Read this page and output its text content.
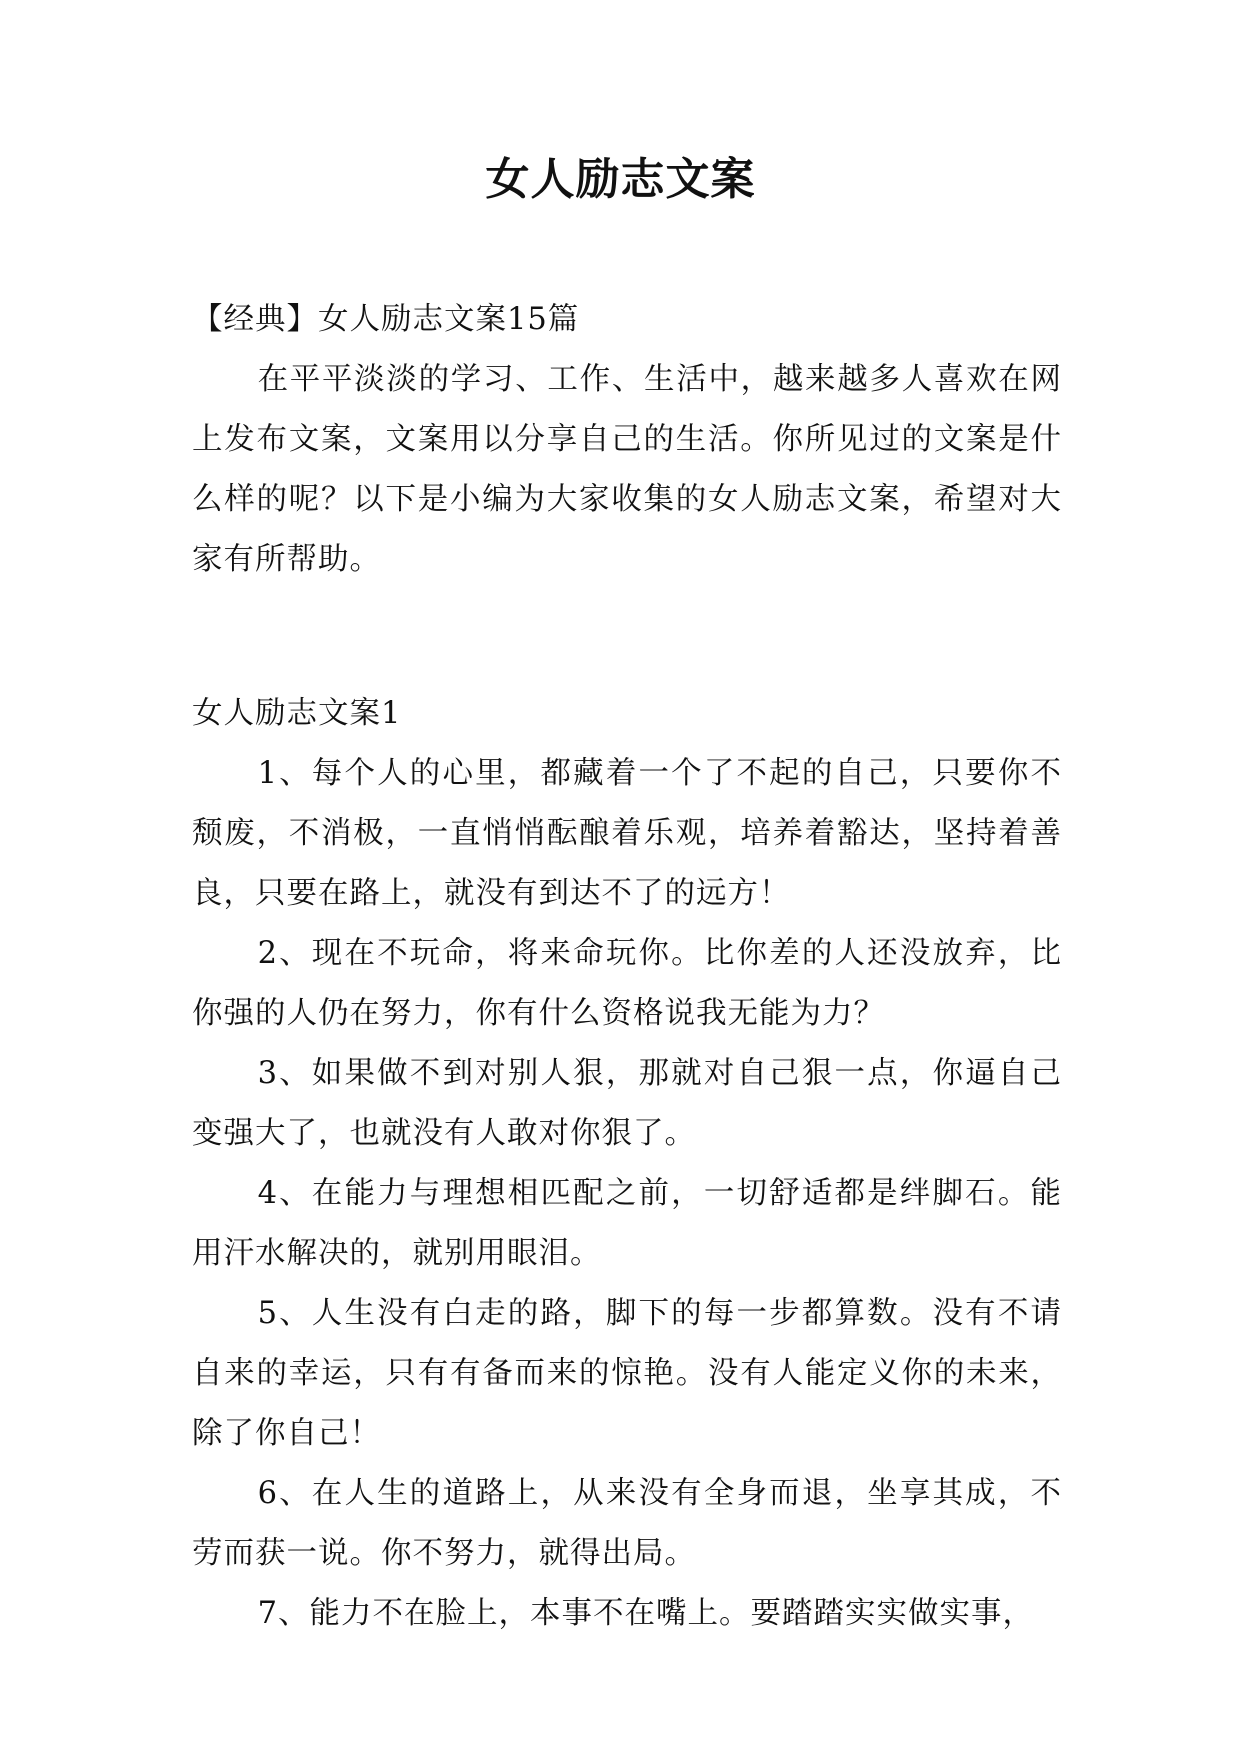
女人励志文案

【经典】女人励志文案15篇

在平平淡淡的学习、工作、生活中，越来越多人喜欢在网上发布文案，文案用以分享自己的生活。你所见过的文案是什么样的呢？以下是小编为大家收集的女人励志文案，希望对大家有所帮助。

女人励志文案1

1、每个人的心里，都藏着一个了不起的自己，只要你不颓废，不消极，一直悄悄酝酿着乐观，培养着豁达，坚持着善良，只要在路上，就没有到达不了的远方！

2、现在不玩命，将来命玩你。比你差的人还没放弃，比你强的人仍在努力，你有什么资格说我无能为力？

3、如果做不到对别人狠，那就对自己狠一点，你逼自己变强大了，也就没有人敢对你狠了。

4、在能力与理想相匹配之前，一切舒适都是绊脚石。能用汗水解决的，就别用眼泪。

5、人生没有白走的路，脚下的每一步都算数。没有不请自来的幸运，只有有备而来的惊艳。没有人能定义你的未来，除了你自己！

6、在人生的道路上，从来没有全身而退，坐享其成，不劳而获一说。你不努力，就得出局。

7、能力不在脸上，本事不在嘴上。要踏踏实实做实事，
